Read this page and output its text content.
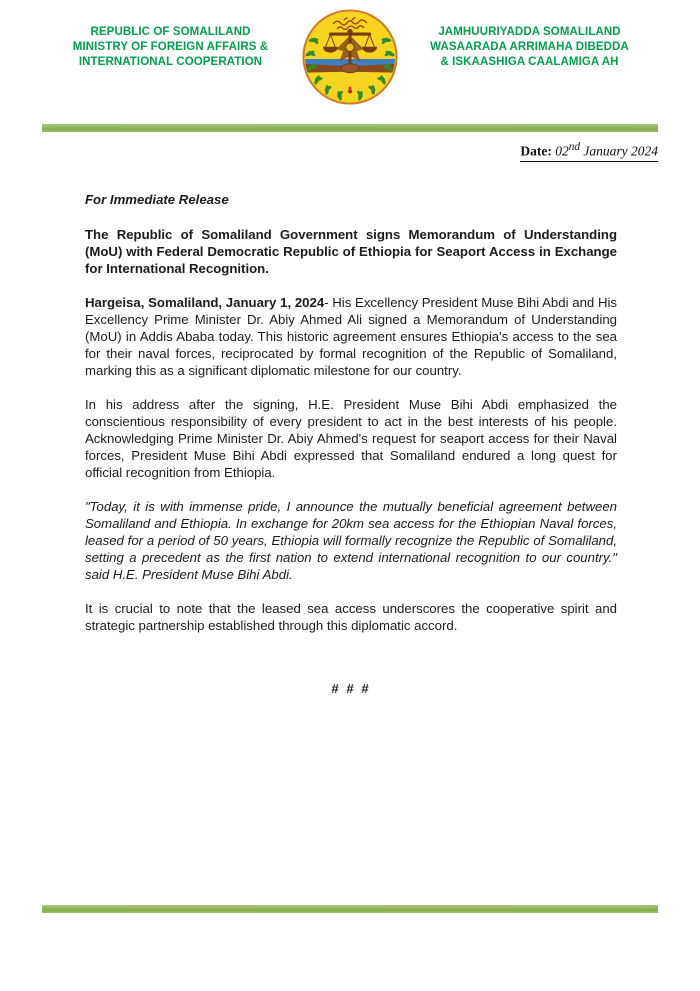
REPUBLIC OF SOMALILAND
MINISTRY OF FOREIGN AFFAIRS &
INTERNATIONAL COOPERATION
JAMHUURIYADDA SOMALILAND
WASAARADA ARRIMAHA DIBEDDA
& ISKAASHIGA CAALAMIGA AH
Date: 02nd January 2024

For Immediate Release

The Republic of Somaliland Government signs Memorandum of Understanding (MoU) with Federal Democratic Republic of Ethiopia for Seaport Access in Exchange for International Recognition.

Hargeisa, Somaliland, January 1, 2024- His Excellency President Muse Bihi Abdi and His Excellency Prime Minister Dr. Abiy Ahmed Ali signed a Memorandum of Understanding (MoU) in Addis Ababa today. This historic agreement ensures Ethiopia's access to the sea for their naval forces, reciprocated by formal recognition of the Republic of Somaliland, marking this as a significant diplomatic milestone for our country.

In his address after the signing, H.E. President Muse Bihi Abdi emphasized the conscientious responsibility of every president to act in the best interests of his people. Acknowledging Prime Minister Dr. Abiy Ahmed's request for seaport access for their Naval forces, President Muse Bihi Abdi expressed that Somaliland endured a long quest for official recognition from Ethiopia.

"Today, it is with immense pride, I announce the mutually beneficial agreement between Somaliland and Ethiopia. In exchange for 20km sea access for the Ethiopian Naval forces, leased for a period of 50 years, Ethiopia will formally recognize the Republic of Somaliland, setting a precedent as the first nation to extend international recognition to our country." said H.E. President Muse Bihi Abdi.

It is crucial to note that the leased sea access underscores the cooperative spirit and strategic partnership established through this diplomatic accord.

# # #
